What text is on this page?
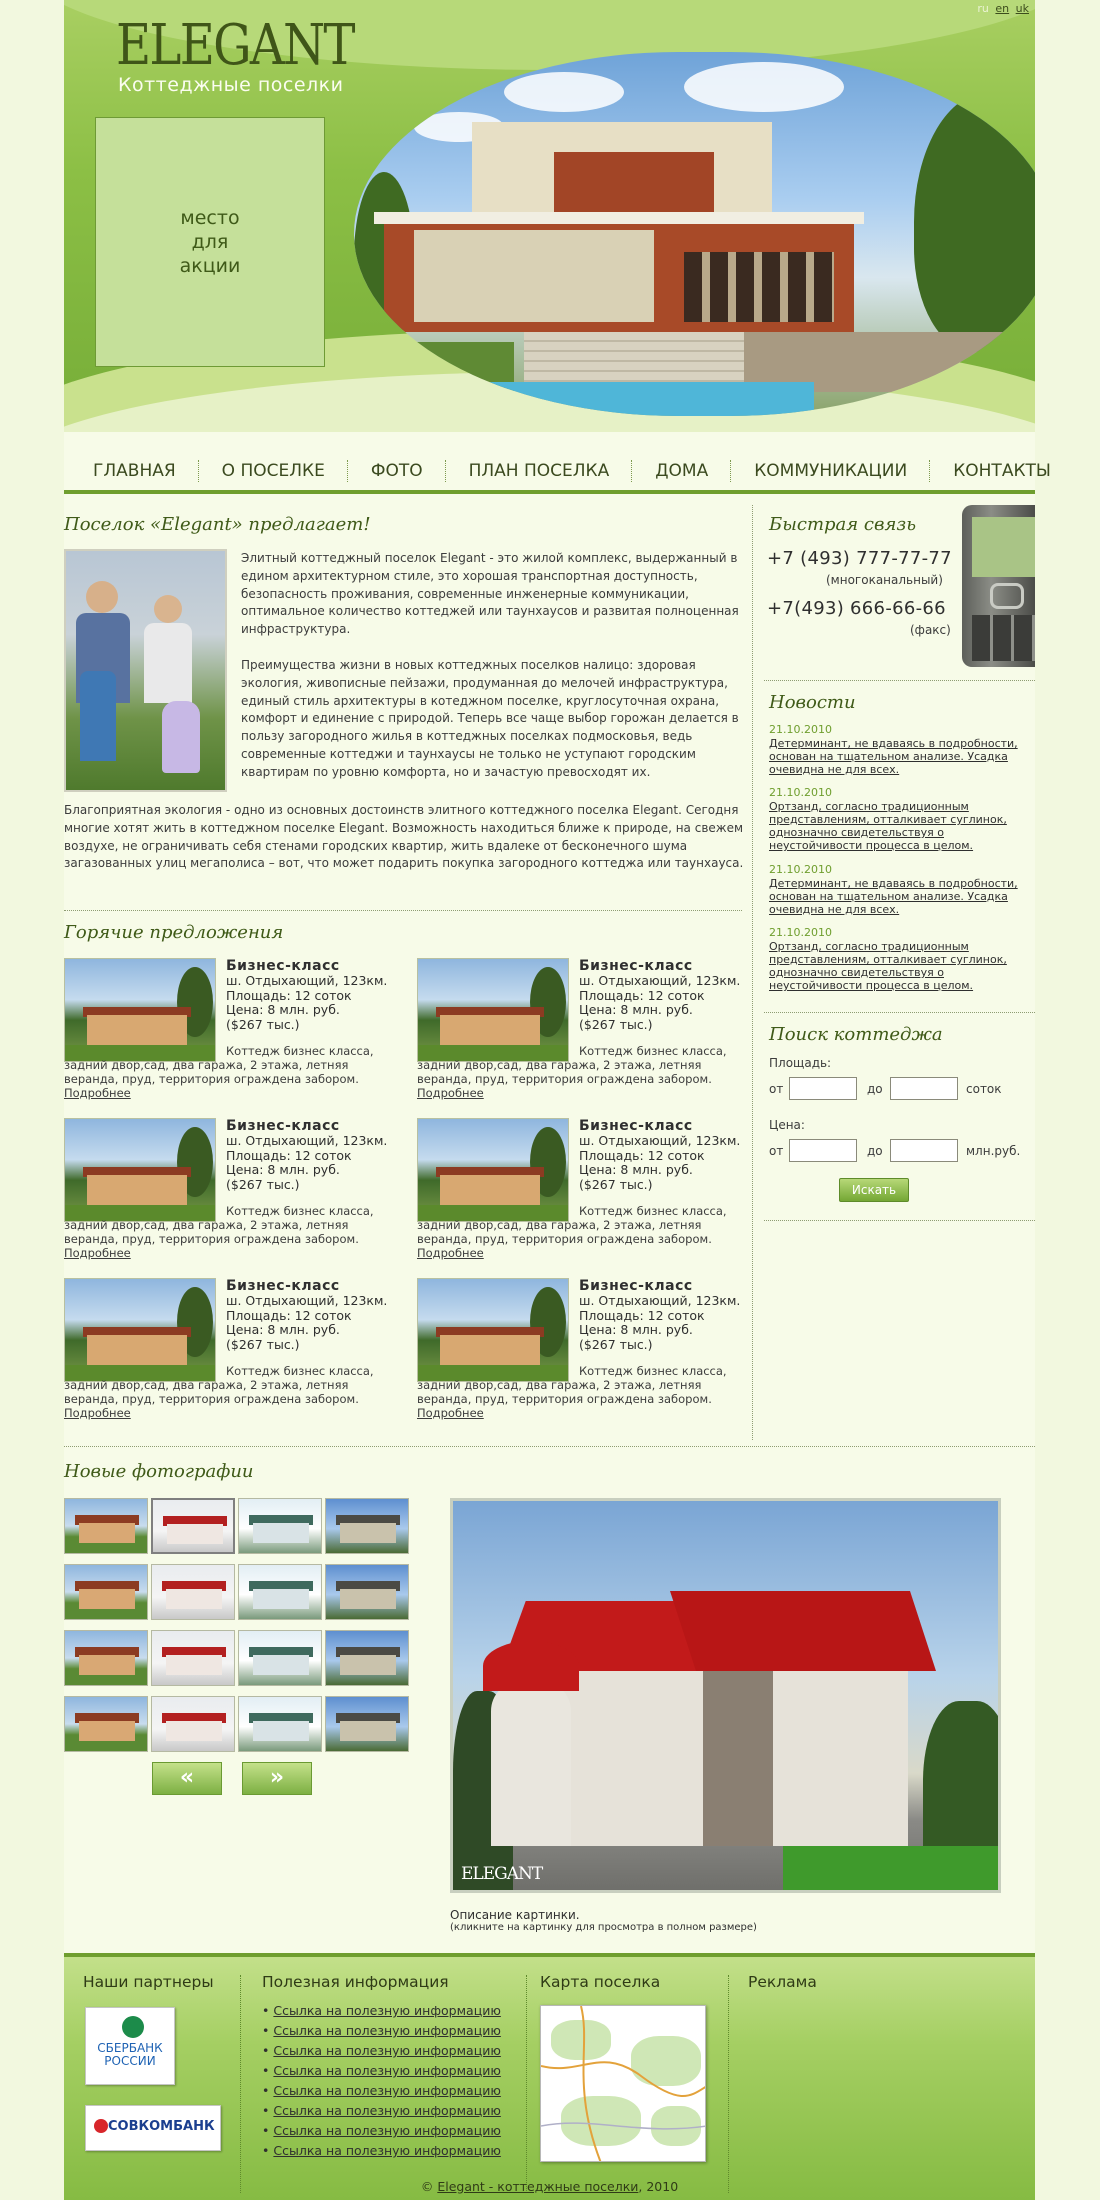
ELEGANT
Коттеджные поселки
ru en uk
место
для
акции
ГЛАВНАЯ	О ПОСЕЛКЕ	ФОТО	ПЛАН ПОСЕЛКА	ДОМА	КОММУНИКАЦИИ	КОНТАКТЫ
Поселок «Elegant» предлагает!

Элитный коттеджный поселок Elegant - это жилой комплекс, выдержанный в едином архитектурном стиле, это хорошая транспортная доступность, безопасность проживания, современные инженерные коммуникации, оптимальное количество коттеджей или таунхаусов и развитая полноценная инфраструктура.

Преимущества жизни в новых коттеджных поселков налицо: здоровая экология, живописные пейзажи, продуманная до мелочей инфраструктура, единый стиль архитектуры в котеджном поселке, круглосуточная охрана, комфорт и единение с природой. Теперь все чаще выбор горожан делается в пользу загородного жилья в коттеджных поселках подмосковья, ведь современные коттеджи и таунхаусы не только не уступают городским квартирам по уровню комфорта, но и зачастую превосходят их.

Благоприятная экология - одно из основных достоинств элитного коттеджного поселка Elegant. Сегодня многие хотят жить в коттеджном поселке Elegant. Возможность находиться ближе к природе, на свежем воздухе, не ограничивать себя стенами городских квартир, жить вдалеке от бесконечного шума загазованных улиц мегаполиса – вот, что может подарить покупка загородного коттеджа или таунхауса.
Горячие предложения
Бизнес-класс
ш. Отдыхающий, 123км.
Площадь: 12 соток
Цена: 8 млн. руб.
($267 тыс.)
Коттедж бизнес класса, задний двор,сад, два гаража, 2 этажа, летняя веранда, пруд, территория ограждена забором. Подробнее
Бизнес-класс
ш. Отдыхающий, 123км.
Площадь: 12 соток
Цена: 8 млн. руб.
($267 тыс.)
Коттедж бизнес класса, задний двор,сад, два гаража, 2 этажа, летняя веранда, пруд, территория ограждена забором. Подробнее
Бизнес-класс
ш. Отдыхающий, 123км.
Площадь: 12 соток
Цена: 8 млн. руб.
($267 тыс.)
Коттедж бизнес класса, задний двор,сад, два гаража, 2 этажа, летняя веранда, пруд, территория ограждена забором. Подробнее
Бизнес-класс
ш. Отдыхающий, 123км.
Площадь: 12 соток
Цена: 8 млн. руб.
($267 тыс.)
Коттедж бизнес класса, задний двор,сад, два гаража, 2 этажа, летняя веранда, пруд, территория ограждена забором. Подробнее
Бизнес-класс
ш. Отдыхающий, 123км.
Площадь: 12 соток
Цена: 8 млн. руб.
($267 тыс.)
Коттедж бизнес класса, задний двор,сад, два гаража, 2 этажа, летняя веранда, пруд, территория ограждена забором. Подробнее
Бизнес-класс
ш. Отдыхающий, 123км.
Площадь: 12 соток
Цена: 8 млн. руб.
($267 тыс.)
Коттедж бизнес класса, задний двор,сад, два гаража, 2 этажа, летняя веранда, пруд, территория ограждена забором. Подробнее
Быстрая связь
+7 (493) 777-77-77
(многоканальный)
+7(493) 666-66-66
(факс)
Новости
21.10.2010
Детерминант, не вдаваясь в подробности, основан на тщательном анализе. Усадка очевидна не для всех.
21.10.2010
Ортзанд, согласно традиционным представлениям, отталкивает суглинок, однозначно свидетельствуя о неустойчивости процесса в целом.
21.10.2010
Детерминант, не вдаваясь в подробности, основан на тщательном анализе. Усадка очевидна не для всех.
21.10.2010
Ортзанд, согласно традиционным представлениям, отталкивает суглинок, однозначно свидетельствуя о неустойчивости процесса в целом.
Поиск коттеджа
Площадь:
от	до	соток
Цена:
от	до	млн.руб.
Искать
Новые фотографии
«	»
ELEGANT
Описание картинки.
(кликните на картинку для просмотра в полном размере)
Наши партнеры
СБЕРБАНК
РОССИИ
СОВКОМБАНК
Полезная информация
• Ссылка на полезную информацию
• Ссылка на полезную информацию
• Ссылка на полезную информацию
• Ссылка на полезную информацию
• Ссылка на полезную информацию
• Ссылка на полезную информацию
• Ссылка на полезную информацию
• Ссылка на полезную информацию
Карта поселка	Реклама
© Elegant - коттеджные поселки, 2010
